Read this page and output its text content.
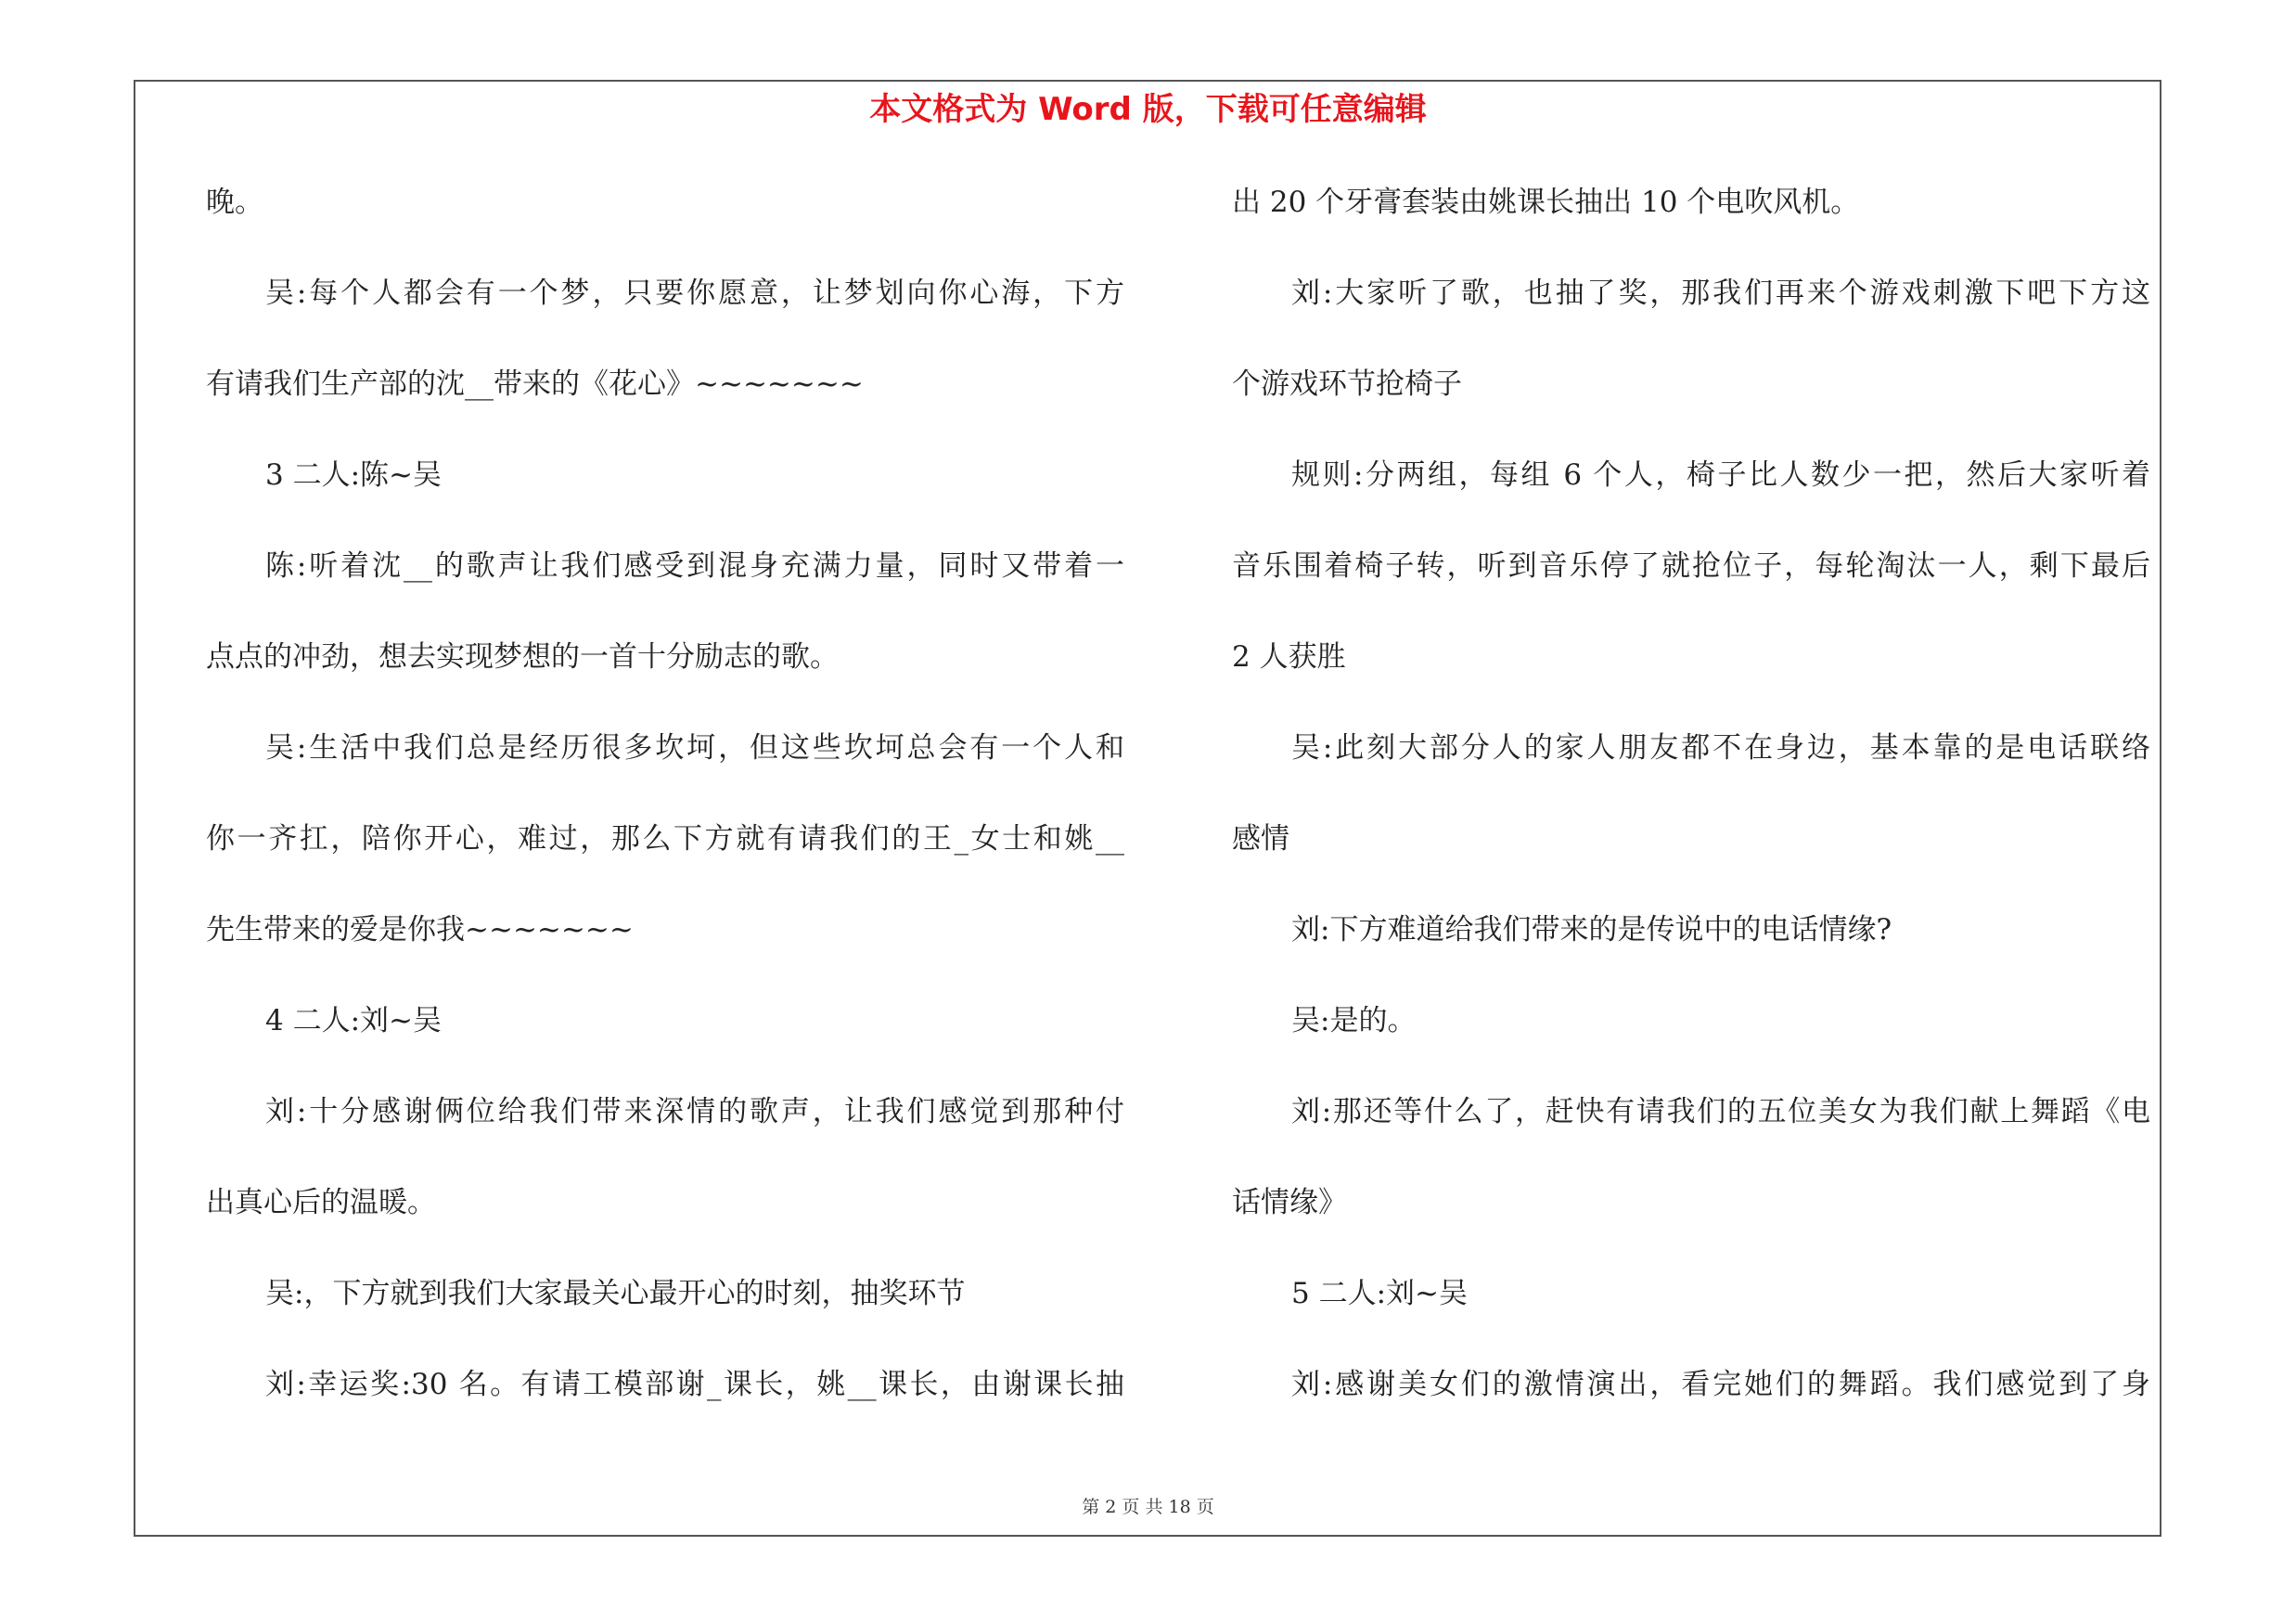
本文格式为 Word 版，下载可任意编辑
晚。
吴:每个人都会有一个梦，只要你愿意，让梦划向你心海，下方
有请我们生产部的沈__带来的《花心》~~~~~~~
3 二人:陈~吴
陈:听着沈__的歌声让我们感受到混身充满力量，同时又带着一
点点的冲劲，想去实现梦想的一首十分励志的歌。
吴:生活中我们总是经历很多坎坷，但这些坎坷总会有一个人和
你一齐扛，陪你开心，难过，那么下方就有请我们的王_女士和姚__
先生带来的爱是你我~~~~~~~
4 二人:刘~吴
刘:十分感谢俩位给我们带来深情的歌声，让我们感觉到那种付
出真心后的温暖。
吴:，下方就到我们大家最关心最开心的时刻，抽奖环节
刘:幸运奖:30 名。有请工模部谢_课长，姚__课长，由谢课长抽
出 20 个牙膏套装由姚课长抽出 10 个电吹风机。
刘:大家听了歌，也抽了奖，那我们再来个游戏刺激下吧下方这
个游戏环节抢椅子
规则:分两组，每组 6 个人，椅子比人数少一把，然后大家听着
音乐围着椅子转，听到音乐停了就抢位子，每轮淘汰一人，剩下最后
2 人获胜
吴:此刻大部分人的家人朋友都不在身边，基本靠的是电话联络
感情
刘:下方难道给我们带来的是传说中的电话情缘?
吴:是的。
刘:那还等什么了，赶快有请我们的五位美女为我们献上舞蹈《电
话情缘》
5 二人:刘~吴
刘:感谢美女们的激情演出，看完她们的舞蹈。我们感觉到了身
第 2 页 共 18 页
